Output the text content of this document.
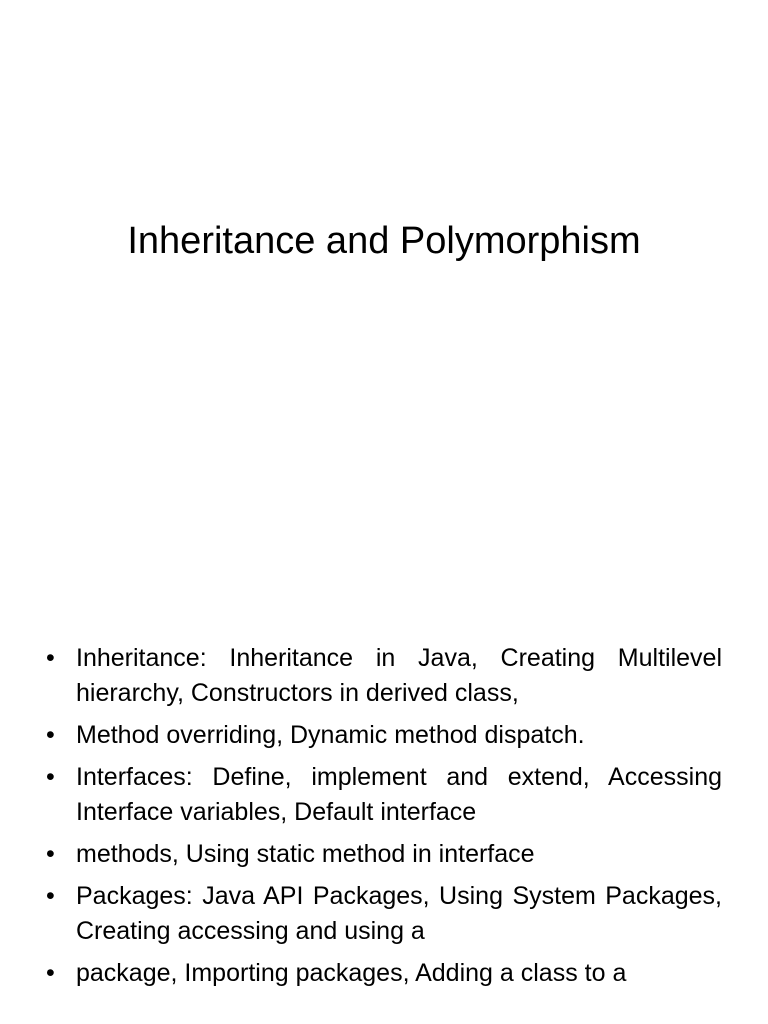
Inheritance and Polymorphism
• Inheritance: Inheritance in Java, Creating Multilevel hierarchy, Constructors in derived class,
• Method overriding, Dynamic method dispatch.
• Interfaces: Define, implement and extend, Accessing Interface variables, Default interface
• methods, Using static method in interface
• Packages: Java API Packages, Using System Packages, Creating accessing and using a
• package, Importing packages, Adding a class to a
